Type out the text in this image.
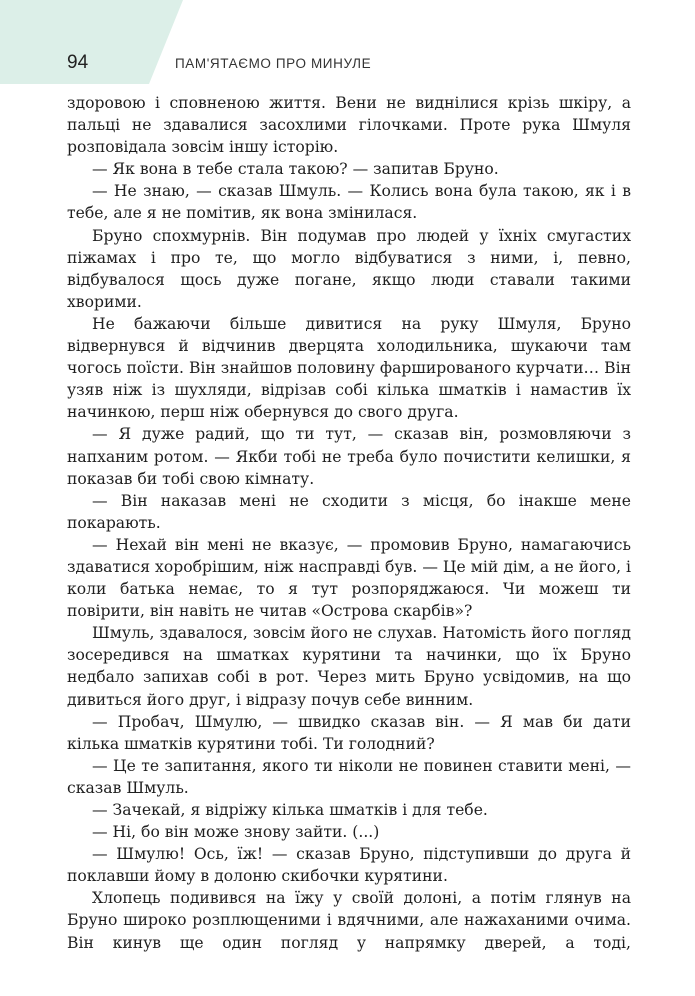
94	ПАМ'ЯТАЄМО ПРО МИНУЛЕ

здоровою і сповненою життя. Вени не виднілися крізь шкіру, а пальці не здавалися засохлими гілочками. Проте рука Шмуля розповідала зовсім іншу історію.

— Як вона в тебе стала такою? — запитав Бруно.

— Не знаю, — сказав Шмуль. — Колись вона була такою, як і в тебе, але я не помітив, як вона змінилася.

Бруно спохмурнів. Він подумав про людей у їхніх смугастих піжамах і про те, що могло відбуватися з ними, і, певно, відбувалося щось дуже погане, якщо люди ставали такими хворими.

Не бажаючи більше дивитися на руку Шмуля, Бруно відвернувся й відчинив дверцята холодильника, шукаючи там чогось поїсти. Він знайшов половину фаршированого курчати… Він узяв ніж із шухляди, відрізав собі кілька шматків і намастив їх начинкою, перш ніж обернувся до свого друга.

— Я дуже радий, що ти тут, — сказав він, розмовляючи з напханим ротом. — Якби тобі не треба було почистити келишки, я показав би тобі свою кімнату.

— Він наказав мені не сходити з місця, бо інакше мене покарають.

— Нехай він мені не вказує, — промовив Бруно, намагаючись здаватися хоробрішим, ніж насправді був. — Це мій дім, а не його, і коли батька немає, то я тут розпоряджаюся. Чи можеш ти повірити, він навіть не читав «Острова скарбів»?

Шмуль, здавалося, зовсім його не слухав. Натомість його погляд зосередився на шматках курятини та начинки, що їх Бруно недбало запихав собі в рот. Через мить Бруно усвідомив, на що дивиться його друг, і відразу почув себе винним.

— Пробач, Шмулю, — швидко сказав він. — Я мав би дати кілька шматків курятини тобі. Ти голодний?

— Це те запитання, якого ти ніколи не повинен ставити мені, — сказав Шмуль.

— Зачекай, я відріжу кілька шматків і для тебе.

— Ні, бо він може знову зайти. (...)

— Шмулю! Ось, їж! — сказав Бруно, підступивши до друга й поклавши йому в долоню скибочки курятини.

Хлопець подивився на їжу у своїй долоні, а потім глянув на Бруно широко розплющеними і вдячними, але нажаханими очима. Він кинув ще один погляд у напрямку дверей, а тоді,
